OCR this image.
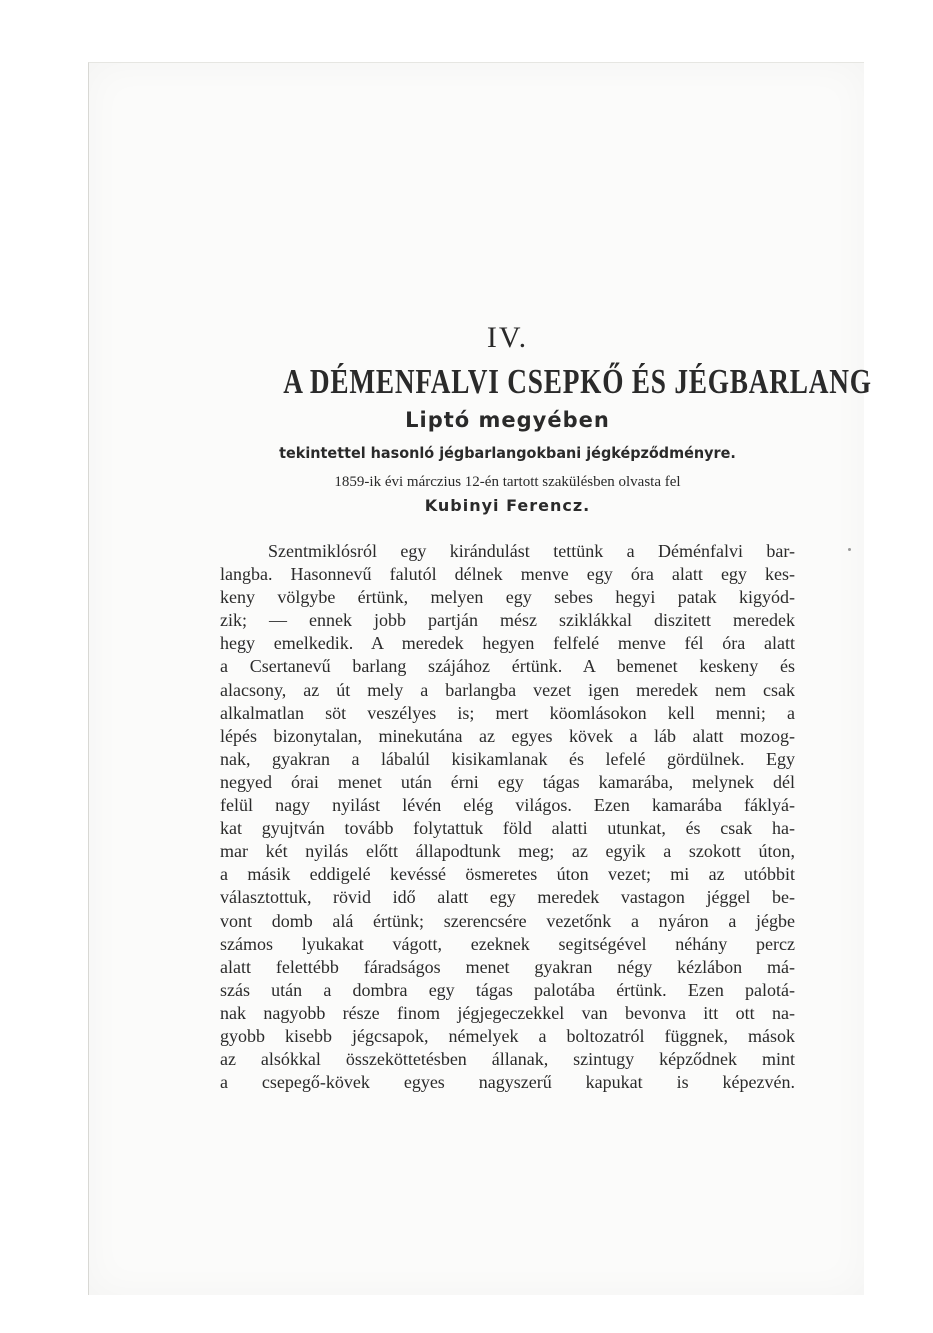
IV.

A DÉMENFALVI CSEPKŐ ÉS JÉGBARLANG

Liptó megyében

tekintettel hasonló jégbarlangokbani jégképződményre.

1859-ik évi márczius 12-én tartott szakülésben olvasta fel

Kubinyi Ferencz.

Szentmiklósról egy kirándulást tettünk a Déménfalvi bar-
langba. Hasonnevű falutól délnek menve egy óra alatt egy kes-
keny völgybe értünk, melyen egy sebes hegyi patak kigyód-
zik; — ennek jobb partján mész sziklákkal diszitett meredek
hegy emelkedik. A meredek hegyen felfelé menve fél óra alatt
a Csertanevű barlang szájához értünk. A bemenet keskeny és
alacsony, az út mely a barlangba vezet igen meredek nem csak
alkalmatlan söt veszélyes is; mert köomlásokon kell menni; a
lépés bizonytalan, minekutána az egyes kövek a láb alatt mozog-
nak, gyakran a lábalúl kisikamlanak és lefelé gördülnek. Egy
negyed órai menet után érni egy tágas kamarába, melynek dél
felül nagy nyilást lévén elég világos. Ezen kamarába fáklyá-
kat gyujtván tovább folytattuk föld alatti utunkat, és csak ha-
mar két nyilás előtt állapodtunk meg; az egyik a szokott úton,
a másik eddigelé kevéssé ösmeretes úton vezet; mi az utóbbit
választottuk, rövid idő alatt egy meredek vastagon jéggel be-
vont domb alá értünk; szerencsére vezetőnk a nyáron a jégbe
számos lyukakat vágott, ezeknek segitségével néhány percz
alatt felettébb fáradságos menet gyakran négy kézlábon má-
szás után a dombra egy tágas palotába értünk. Ezen palotá-
nak nagyobb része finom jégjegeczekkel van bevonva itt ott na-
gyobb kisebb jégcsapok, némelyek a boltozatról függnek, mások
az alsókkal összeköttetésben állanak, szintugy képződnek mint
a csepegő-kövek egyes nagyszerű kapukat is képezvén.
